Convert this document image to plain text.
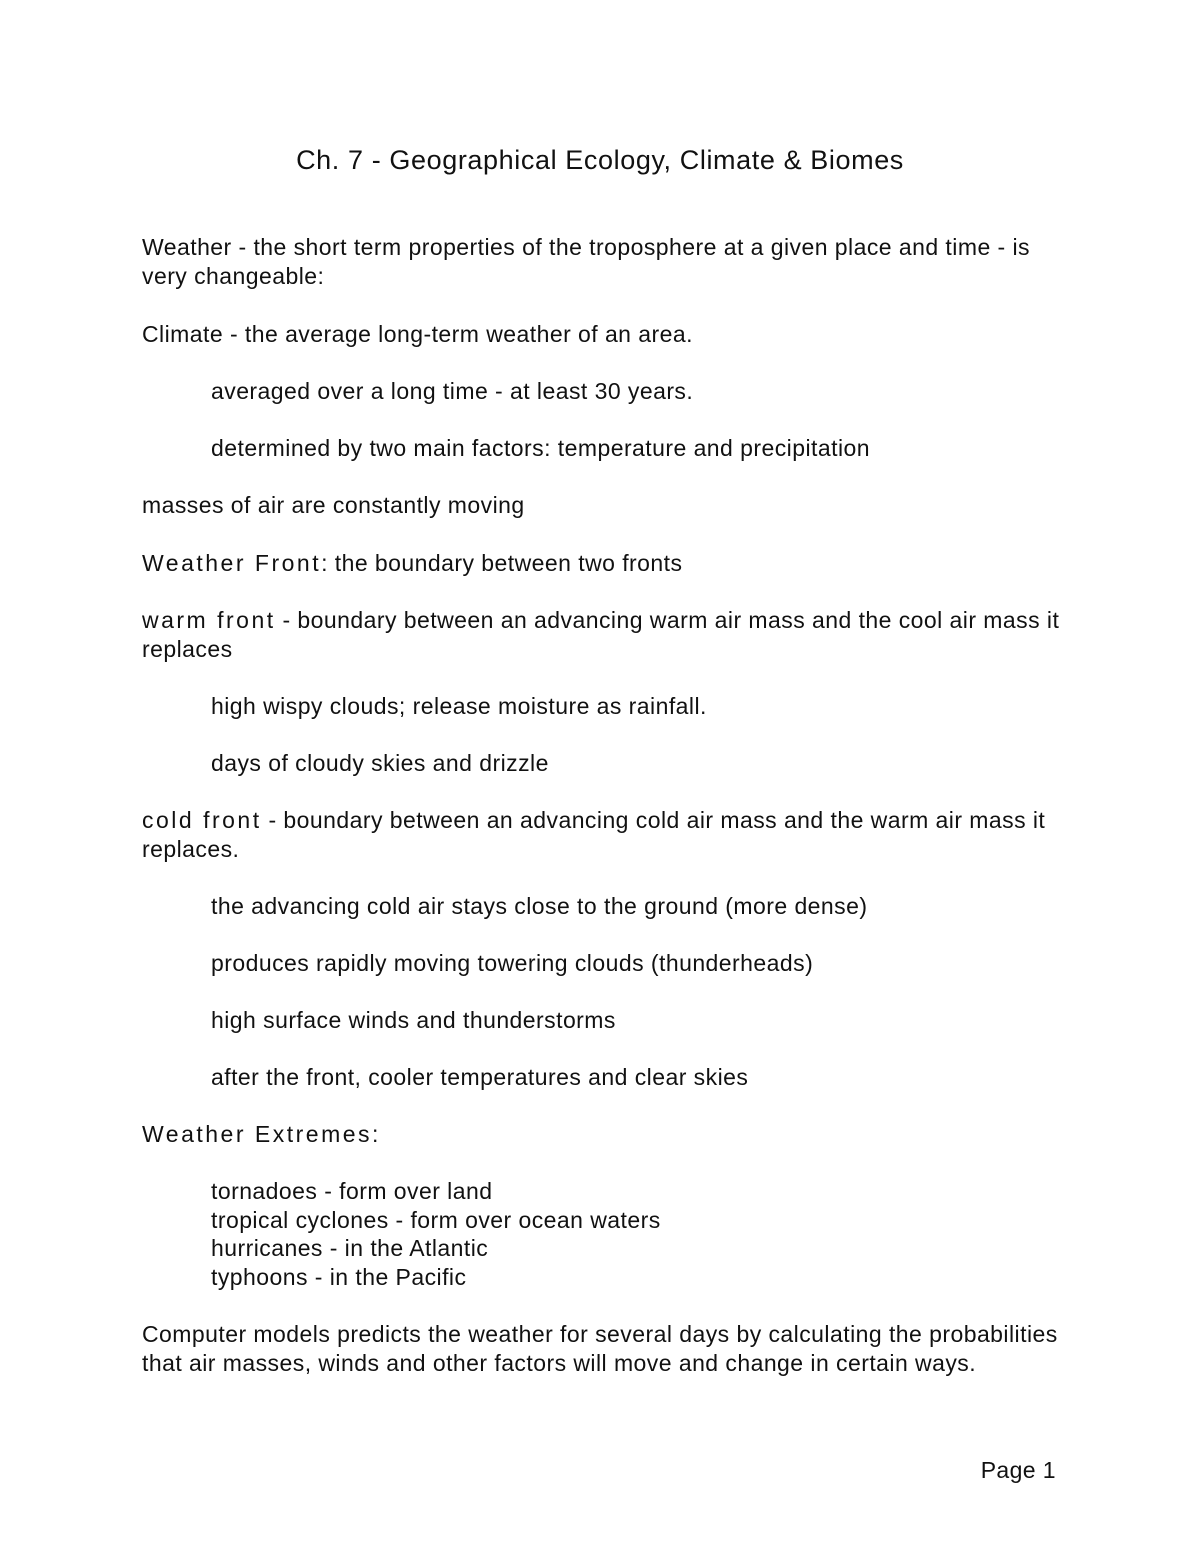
Ch. 7 - Geographical Ecology, Climate & Biomes

Weather - the short term properties of the troposphere at a given place and time - is very changeable:

Climate - the average long-term weather of an area.

averaged over a long time - at least 30 years.

determined by two main factors: temperature and precipitation

masses of air are constantly moving

Weather Front: the boundary between two fronts

warm front - boundary between an advancing warm air mass and the cool air mass it replaces

high wispy clouds; release moisture as rainfall.

days of cloudy skies and drizzle

cold front - boundary between an advancing cold air mass and the warm air mass it replaces.

the advancing cold air stays close to the ground (more dense)

produces rapidly moving towering clouds (thunderheads)

high surface winds and thunderstorms

after the front, cooler temperatures and clear skies

Weather Extremes:

tornadoes - form over land

tropical cyclones - form over ocean waters

hurricanes - in the Atlantic

typhoons - in the Pacific

Computer models predicts the weather for several days by calculating the probabilities that air masses, winds and other factors will move and change in certain ways.

Page 1
